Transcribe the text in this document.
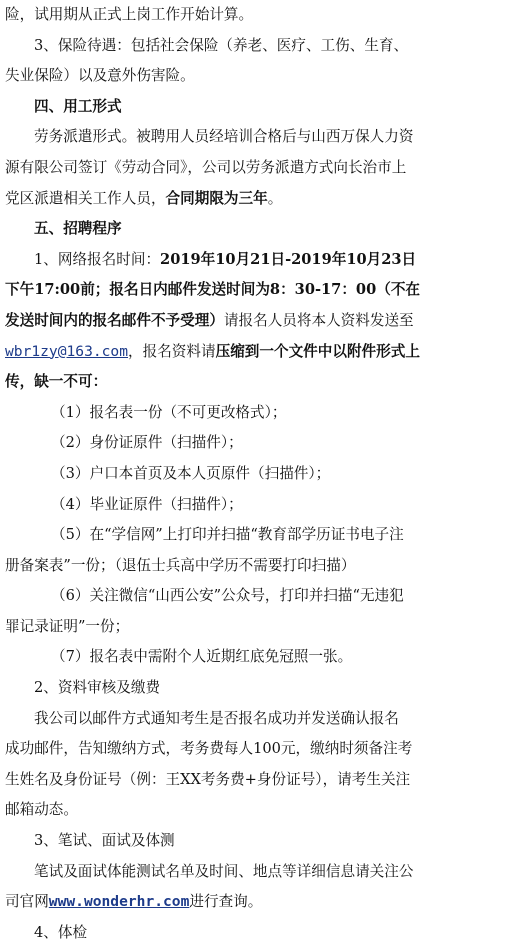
险，试用期从正式上岗工作开始计算。
3、保险待遇：包括社会保险（养老、医疗、工伤、生育、
失业保险）以及意外伤害险。
四、用工形式
劳务派遣形式。被聘用人员经培训合格后与山西万保人力资
源有限公司签订《劳动合同》，公司以劳务派遣方式向长治市上
党区派遣相关工作人员，合同期限为三年。
五、招聘程序
1、网络报名时间：2019年10月21日-2019年10月23日
下午17:00前；报名日内邮件发送时间为8：30-17：00（不在
发送时间内的报名邮件不予受理）请报名人员将本人资料发送至
wbr1zy@163.com，报名资料请压缩到一个文件中以附件形式上
传，缺一不可：
（1）报名表一份（不可更改格式）；
（2）身份证原件（扫描件）；
（3）户口本首页及本人页原件（扫描件）；
（4）毕业证原件（扫描件）；
（5）在“学信网”上打印并扫描“教育部学历证书电子注
册备案表”一份；（退伍士兵高中学历不需要打印扫描）
（6）关注微信“山西公安”公众号，打印并扫描“无违犯
罪记录证明”一份；
（7）报名表中需附个人近期红底免冠照一张。
2、资料审核及缴费
我公司以邮件方式通知考生是否报名成功并发送确认报名
成功邮件，告知缴纳方式，考务费每人100元，缴纳时须备注考
生姓名及身份证号（例：王XX考务费+身份证号），请考生关注
邮箱动态。
3、笔试、面试及体测
笔试及面试体能测试名单及时间、地点等详细信息请关注公
司官网www.wonderhr.com进行查询。
4、体检
